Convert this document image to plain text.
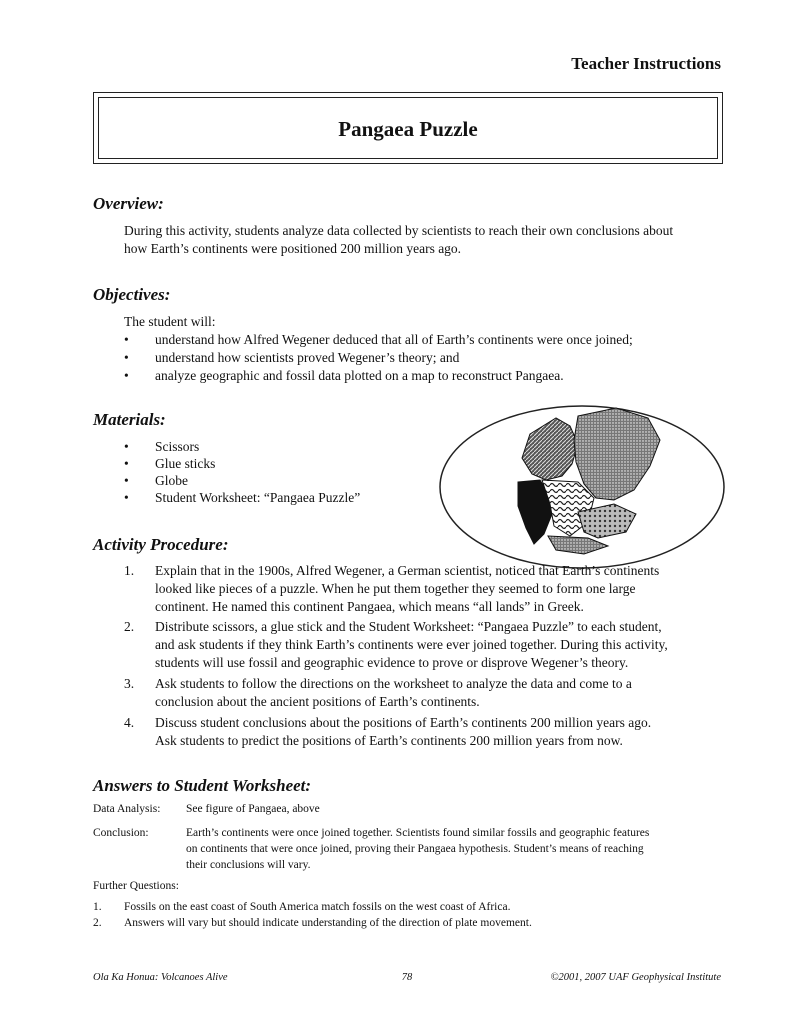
Teacher Instructions
Pangaea Puzzle
Overview:
During this activity, students analyze data collected by scientists to reach their own conclusions about
how Earth’s continents were positioned 200 million years ago.
Objectives:
The student will:
• understand how Alfred Wegener deduced that all of Earth’s continents were once joined;
• understand how scientists proved Wegener’s theory; and
• analyze geographic and fossil data plotted on a map to reconstruct Pangaea.
Materials:
• Scissors
• Glue sticks
• Globe
• Student Worksheet: “Pangaea Puzzle”
Activity Procedure:
1. Explain that in the 1900s, Alfred Wegener, a German scientist, noticed that Earth’s continents
looked like pieces of a puzzle. When he put them together they seemed to form one large
continent. He named this continent Pangaea, which means “all lands” in Greek.
2. Distribute scissors, a glue stick and the Student Worksheet: “Pangaea Puzzle” to each student,
and ask students if they think Earth’s continents were ever joined together. During this activity,
students will use fossil and geographic evidence to prove or disprove Wegener’s theory.
3. Ask students to follow the directions on the worksheet to analyze the data and come to a
conclusion about the ancient positions of Earth’s continents.
4. Discuss student conclusions about the positions of Earth’s continents 200 million years ago.
Ask students to predict the positions of Earth’s continents 200 million years from now.
Answers to Student Worksheet:
Data Analysis: See figure of Pangaea, above
Conclusion:	Earth’s continents were once joined together. Scientists found similar fossils and geographic features
on continents that were once joined, proving their Pangaea hypothesis. Student’s means of reaching
their conclusions will vary.
Further Questions:
1. Fossils on the east coast of South America match fossils on the west coast of Africa.
2. Answers will vary but should indicate understanding of the direction of plate movement.
Ola Ka Honua: Volcanoes Alive	78	©2001, 2007 UAF Geophysical Institute
